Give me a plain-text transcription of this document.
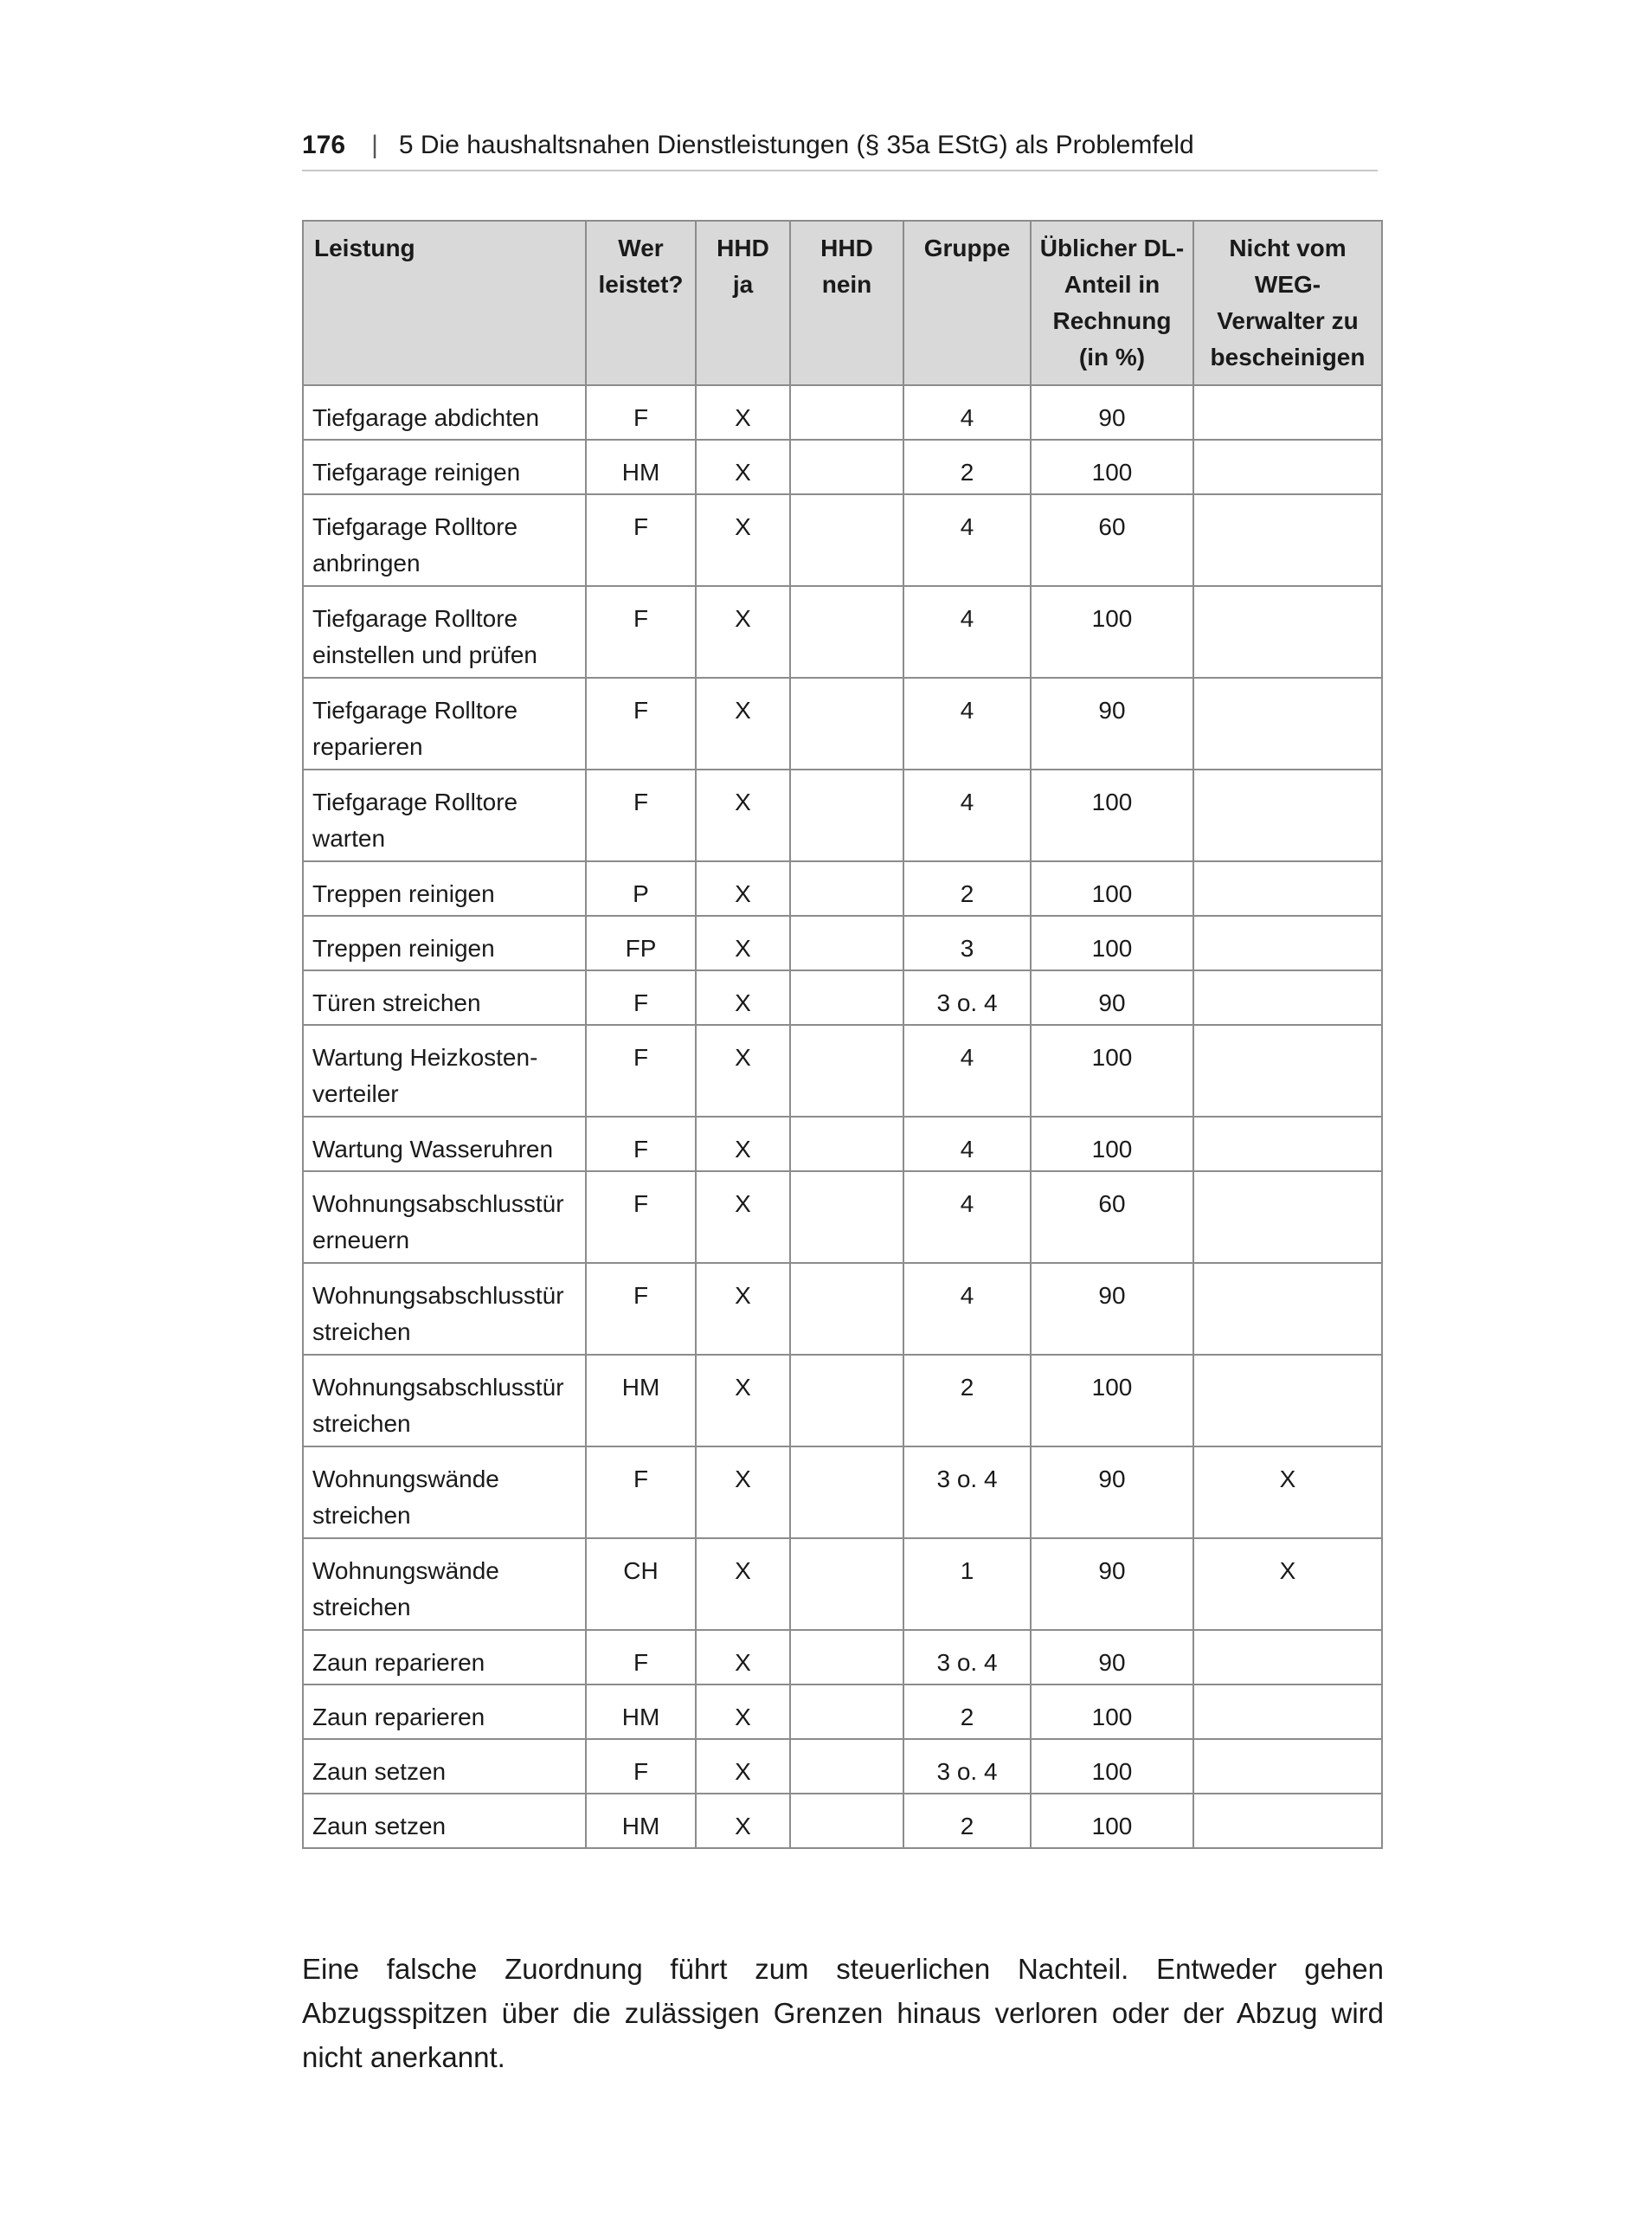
176 | 5 Die haushaltsnahen Dienstleistungen (§ 35a EStG) als Problemfeld
Leistung	Wer leistet?	HHD ja	HHD nein	Gruppe	Üblicher DL-Anteil in Rechnung (in %)	Nicht vom WEG-Verwalter zu bescheinigen
Tiefgarage abdichten	F	X		4	90	
Tiefgarage reinigen	HM	X		2	100	
Tiefgarage Rolltore anbringen	F	X		4	60	
Tiefgarage Rolltore einstellen und prüfen	F	X		4	100	
Tiefgarage Rolltore reparieren	F	X		4	90	
Tiefgarage Rolltore warten	F	X		4	100	
Treppen reinigen	P	X		2	100	
Treppen reinigen	FP	X		3	100	
Türen streichen	F	X		3 o. 4	90	
Wartung Heizkosten-verteiler	F	X		4	100	
Wartung Wasseruhren	F	X		4	100	
Wohnungsabschlusstür erneuern	F	X		4	60	
Wohnungsabschlusstür streichen	F	X		4	90	
Wohnungsabschlusstür streichen	HM	X		2	100	
Wohnungswände streichen	F	X		3 o. 4	90	X
Wohnungswände streichen	CH	X		1	90	X
Zaun reparieren	F	X		3 o. 4	90	
Zaun reparieren	HM	X		2	100	
Zaun setzen	F	X		3 o. 4	100	
Zaun setzen	HM	X		2	100	

Eine falsche Zuordnung führt zum steuerlichen Nachteil. Entweder gehen Abzugsspitzen über die zulässigen Grenzen hinaus verloren oder der Abzug wird nicht anerkannt.
